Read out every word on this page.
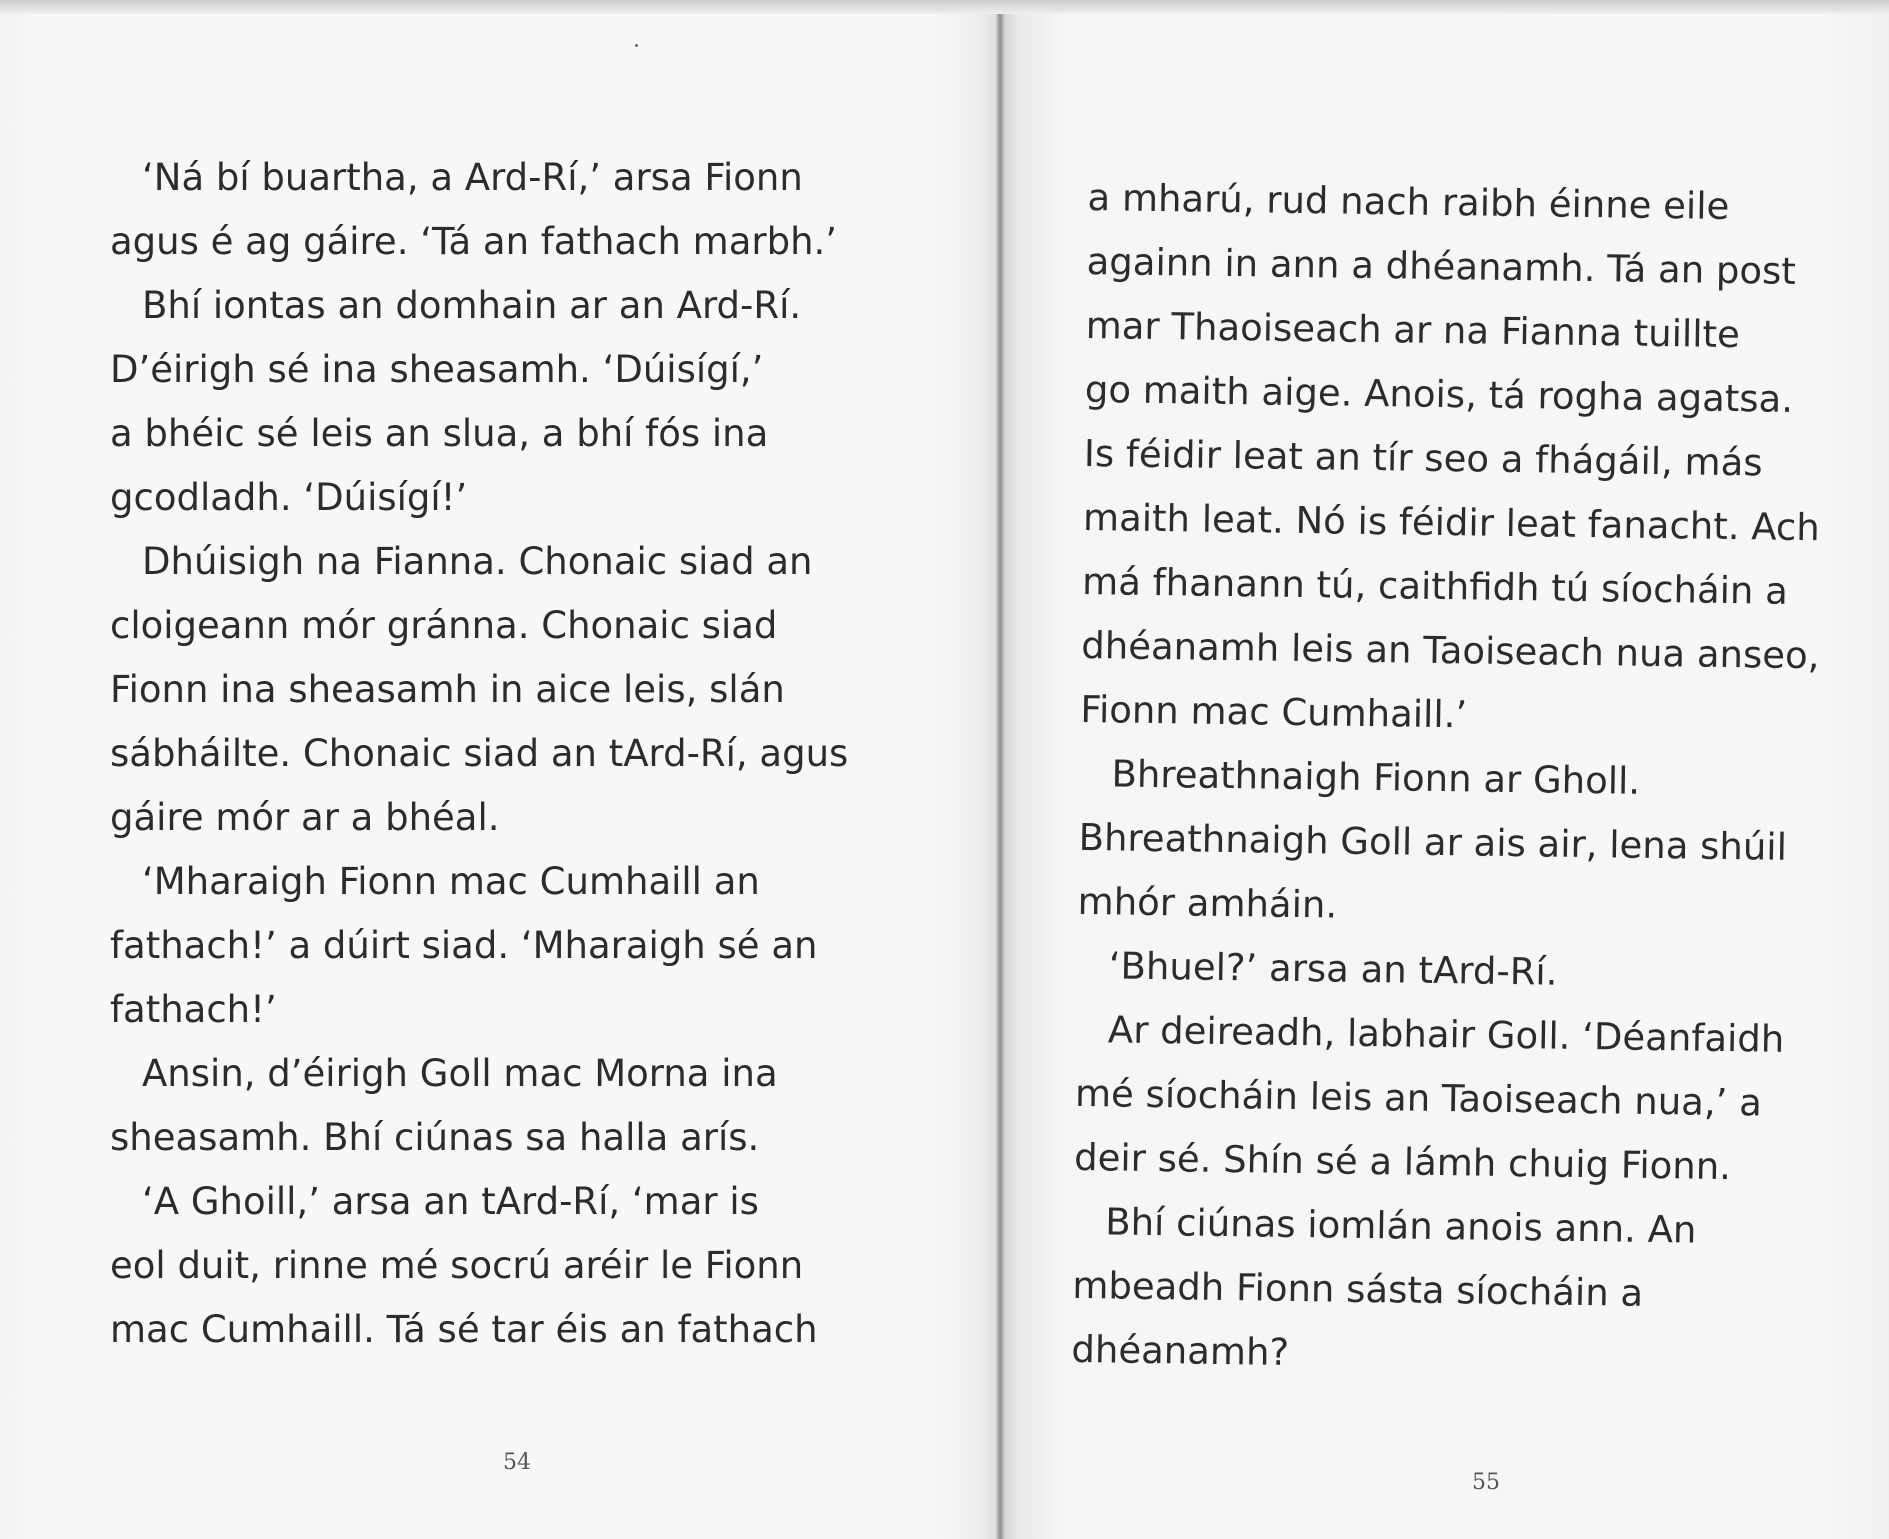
‘Ná bí buartha, a Ard-Rí,’ arsa Fionn
agus é ag gáire. ‘Tá an fathach marbh.’
Bhí iontas an domhain ar an Ard-Rí.
D’éirigh sé ina sheasamh. ‘Dúisígí,’
a bhéic sé leis an slua, a bhí fós ina
gcodladh. ‘Dúisígí!’
Dhúisigh na Fianna. Chonaic siad an
cloigeann mór gránna. Chonaic siad
Fionn ina sheasamh in aice leis, slán
sábháilte. Chonaic siad an tArd-Rí, agus
gáire mór ar a bhéal.
‘Mharaigh Fionn mac Cumhaill an
fathach!’ a dúirt siad. ‘Mharaigh sé an
fathach!’
Ansin, d’éirigh Goll mac Morna ina
sheasamh. Bhí ciúnas sa halla arís.
‘A Ghoill,’ arsa an tArd-Rí, ‘mar is
eol duit, rinne mé socrú aréir le Fionn
mac Cumhaill. Tá sé tar éis an fathach
54
a mharú, rud nach raibh éinne eile
againn in ann a dhéanamh. Tá an post
mar Thaoiseach ar na Fianna tuillte
go maith aige. Anois, tá rogha agatsa.
Is féidir leat an tír seo a fhágáil, más
maith leat. Nó is féidir leat fanacht. Ach
má fhanann tú, caithfidh tú síocháin a
dhéanamh leis an Taoiseach nua anseo,
Fionn mac Cumhaill.’
Bhreathnaigh Fionn ar Gholl.
Bhreathnaigh Goll ar ais air, lena shúil
mhór amháin.
‘Bhuel?’ arsa an tArd-Rí.
Ar deireadh, labhair Goll. ‘Déanfaidh
mé síocháin leis an Taoiseach nua,’ a
deir sé. Shín sé a lámh chuig Fionn.
Bhí ciúnas iomlán anois ann. An
mbeadh Fionn sásta síocháin a
dhéanamh?
55
